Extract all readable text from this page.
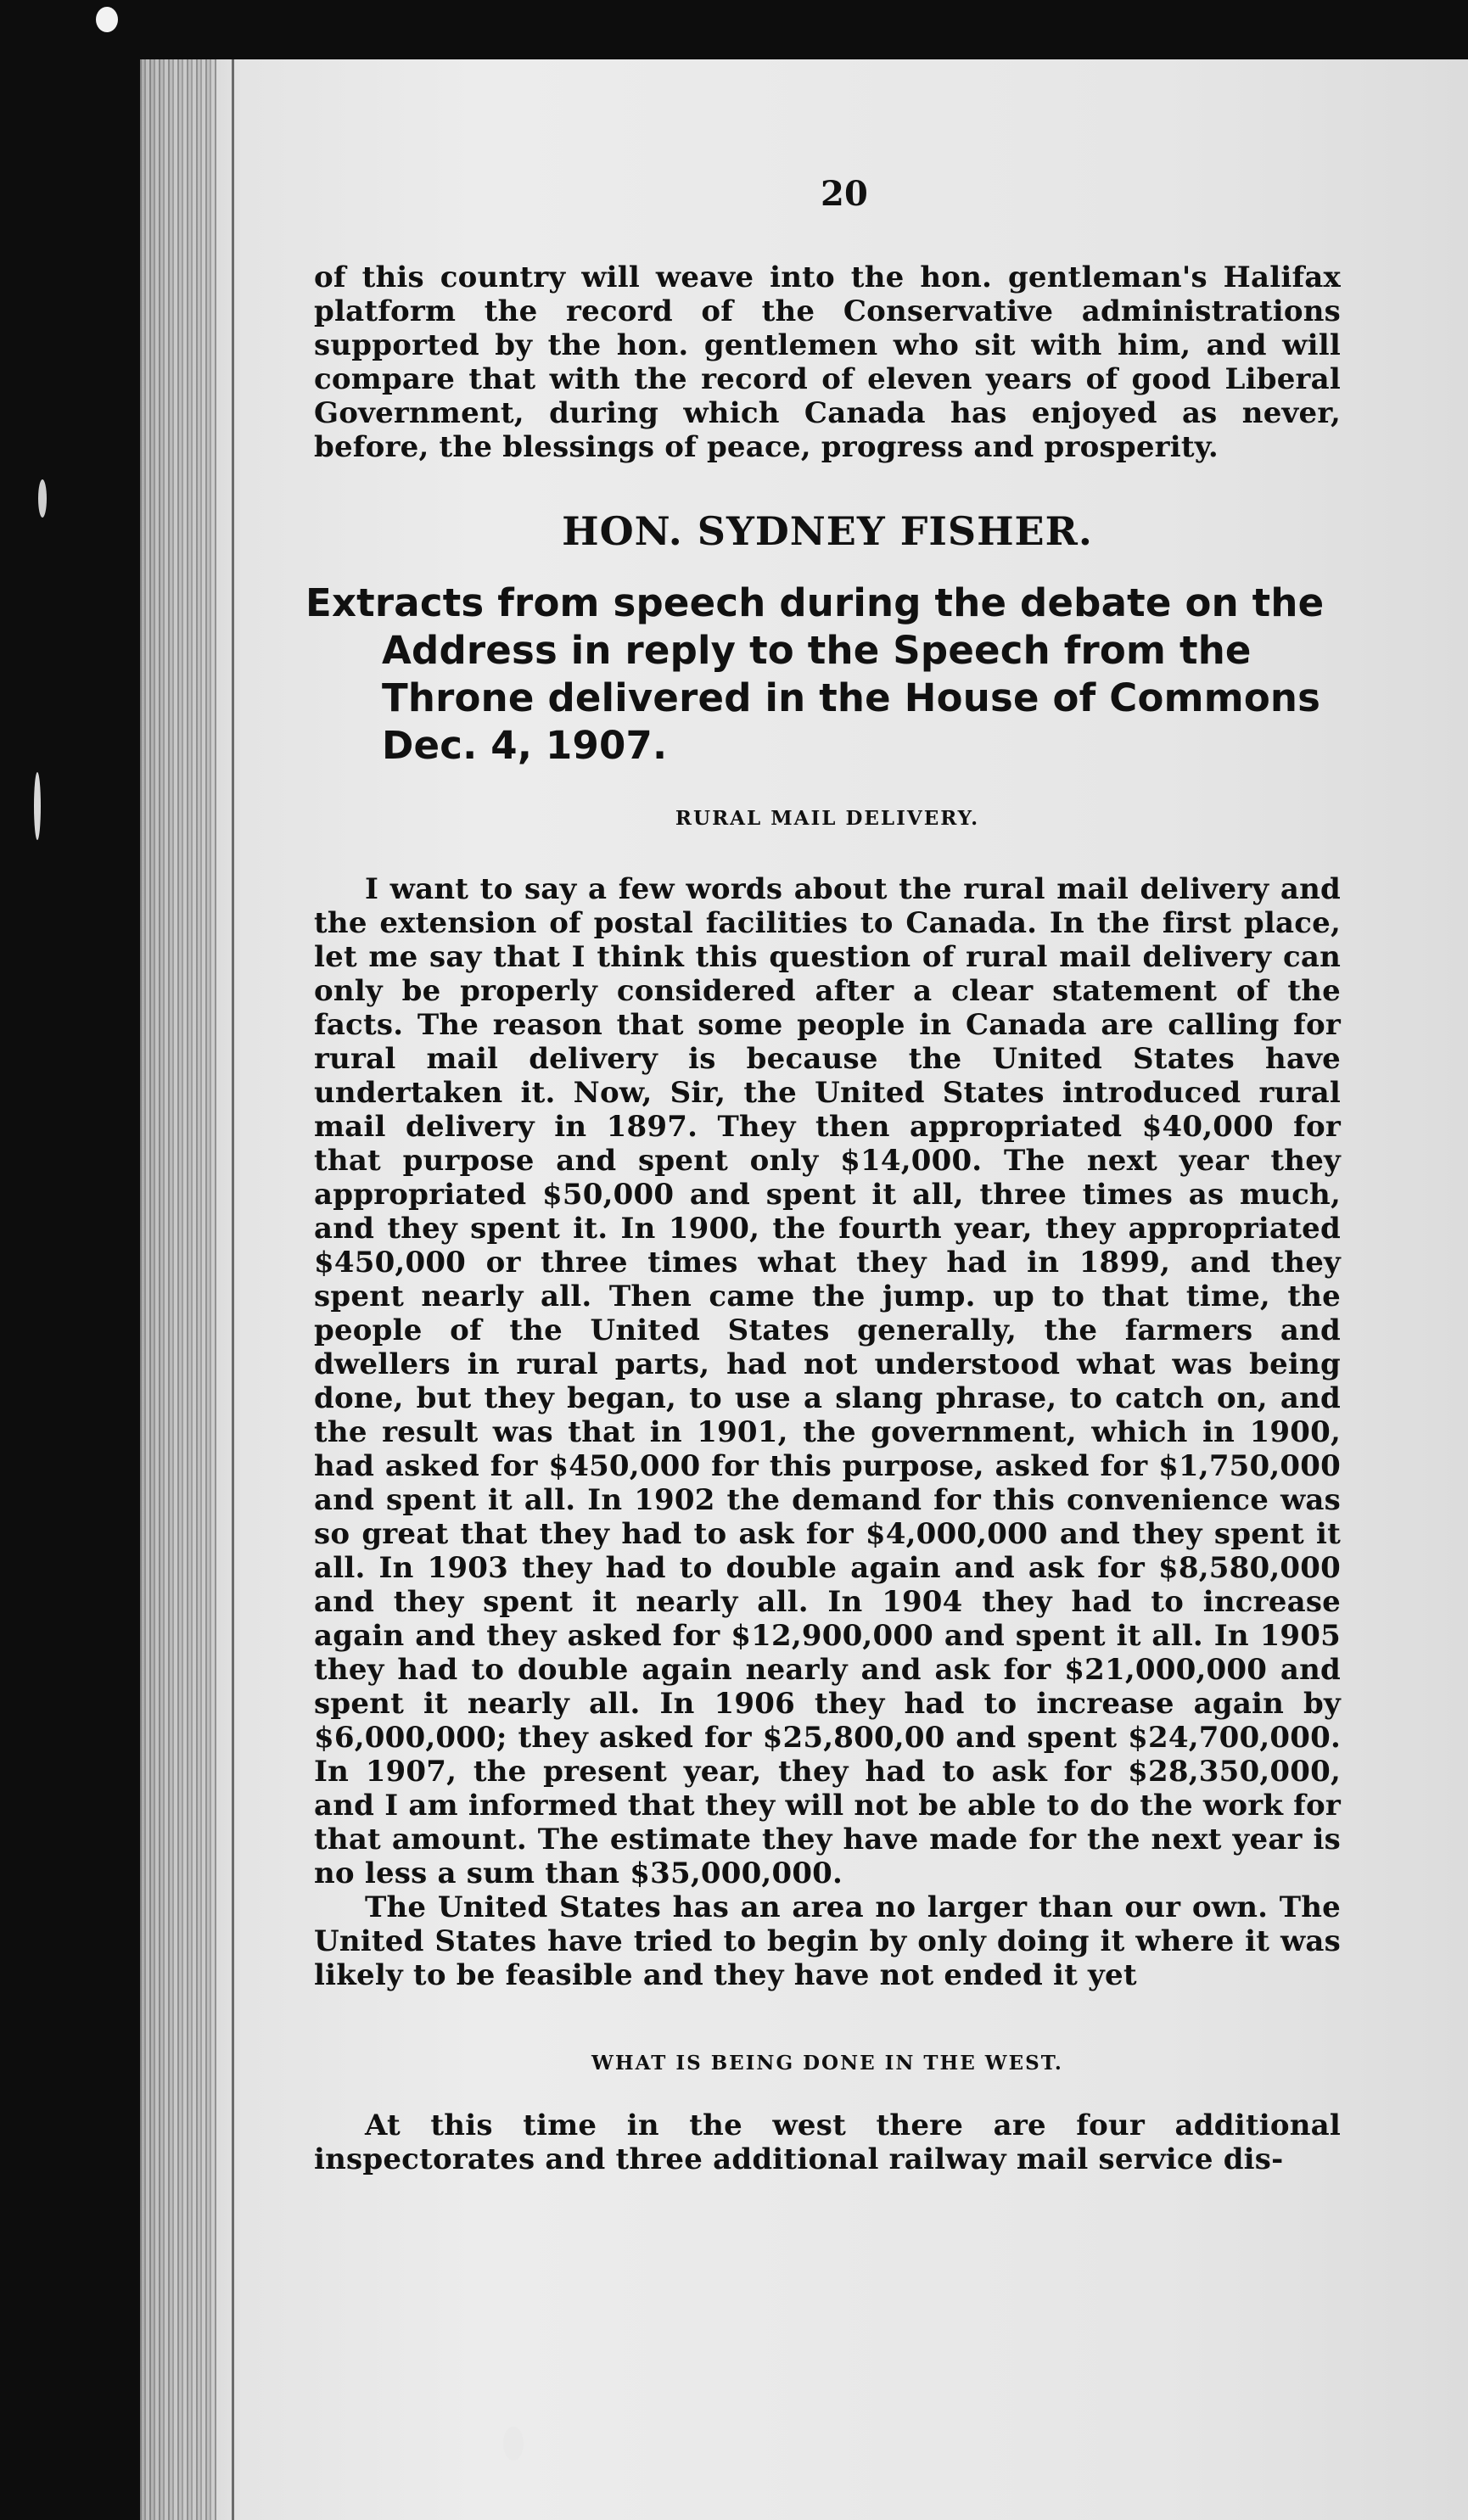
20

of this country will weave into the hon. gentleman's Halifax platform the record of the Conservative administrations supported by the hon. gentlemen who sit with him, and will compare that with the record of eleven years of good Liberal Government, during which Canada has enjoyed as never, before, the blessings of peace, progress and prosperity.

HON. SYDNEY FISHER.
Extracts from speech during the debate on the Address in reply to the Speech from the Throne delivered in the House of Commons Dec. 4, 1907.
RURAL MAIL DELIVERY.

I want to say a few words about the rural mail delivery and the extension of postal facilities to Canada. In the first place, let me say that I think this question of rural mail delivery can only be properly considered after a clear statement of the facts. The reason that some people in Canada are calling for rural mail delivery is because the United States have undertaken it. Now, Sir, the United States introduced rural mail delivery in 1897. They then appropriated $40,000 for that purpose and spent only $14,000. The next year they appropriated $50,000 and spent it all, three times as much, and they spent it. In 1900, the fourth year, they appropriated $450,000 or three times what they had in 1899, and they spent nearly all. Then came the jump. up to that time, the people of the United States generally, the farmers and dwellers in rural parts, had not understood what was being done, but they began, to use a slang phrase, to catch on, and the result was that in 1901, the government, which in 1900, had asked for $450,000 for this purpose, asked for $1,750,000 and spent it all. In 1902 the demand for this convenience was so great that they had to ask for $4,000,000 and they spent it all. In 1903 they had to double again and ask for $8,580,000 and they spent it nearly all. In 1904 they had to increase again and they asked for $12,900,000 and spent it all. In 1905 they had to double again nearly and ask for $21,000,000 and spent it nearly all. In 1906 they had to increase again by $6,000,000; they asked for $25,800,00 and spent $24,700,000. In 1907, the present year, they had to ask for $28,350,000, and I am informed that they will not be able to do the work for that amount. The estimate they have made for the next year is no less a sum than $35,000,000.

The United States has an area no larger than our own. The United States have tried to begin by only doing it where it was likely to be feasible and they have not ended it yet

WHAT IS BEING DONE IN THE WEST.

At this time in the west there are four additional inspectorates and three additional railway mail service dis-
